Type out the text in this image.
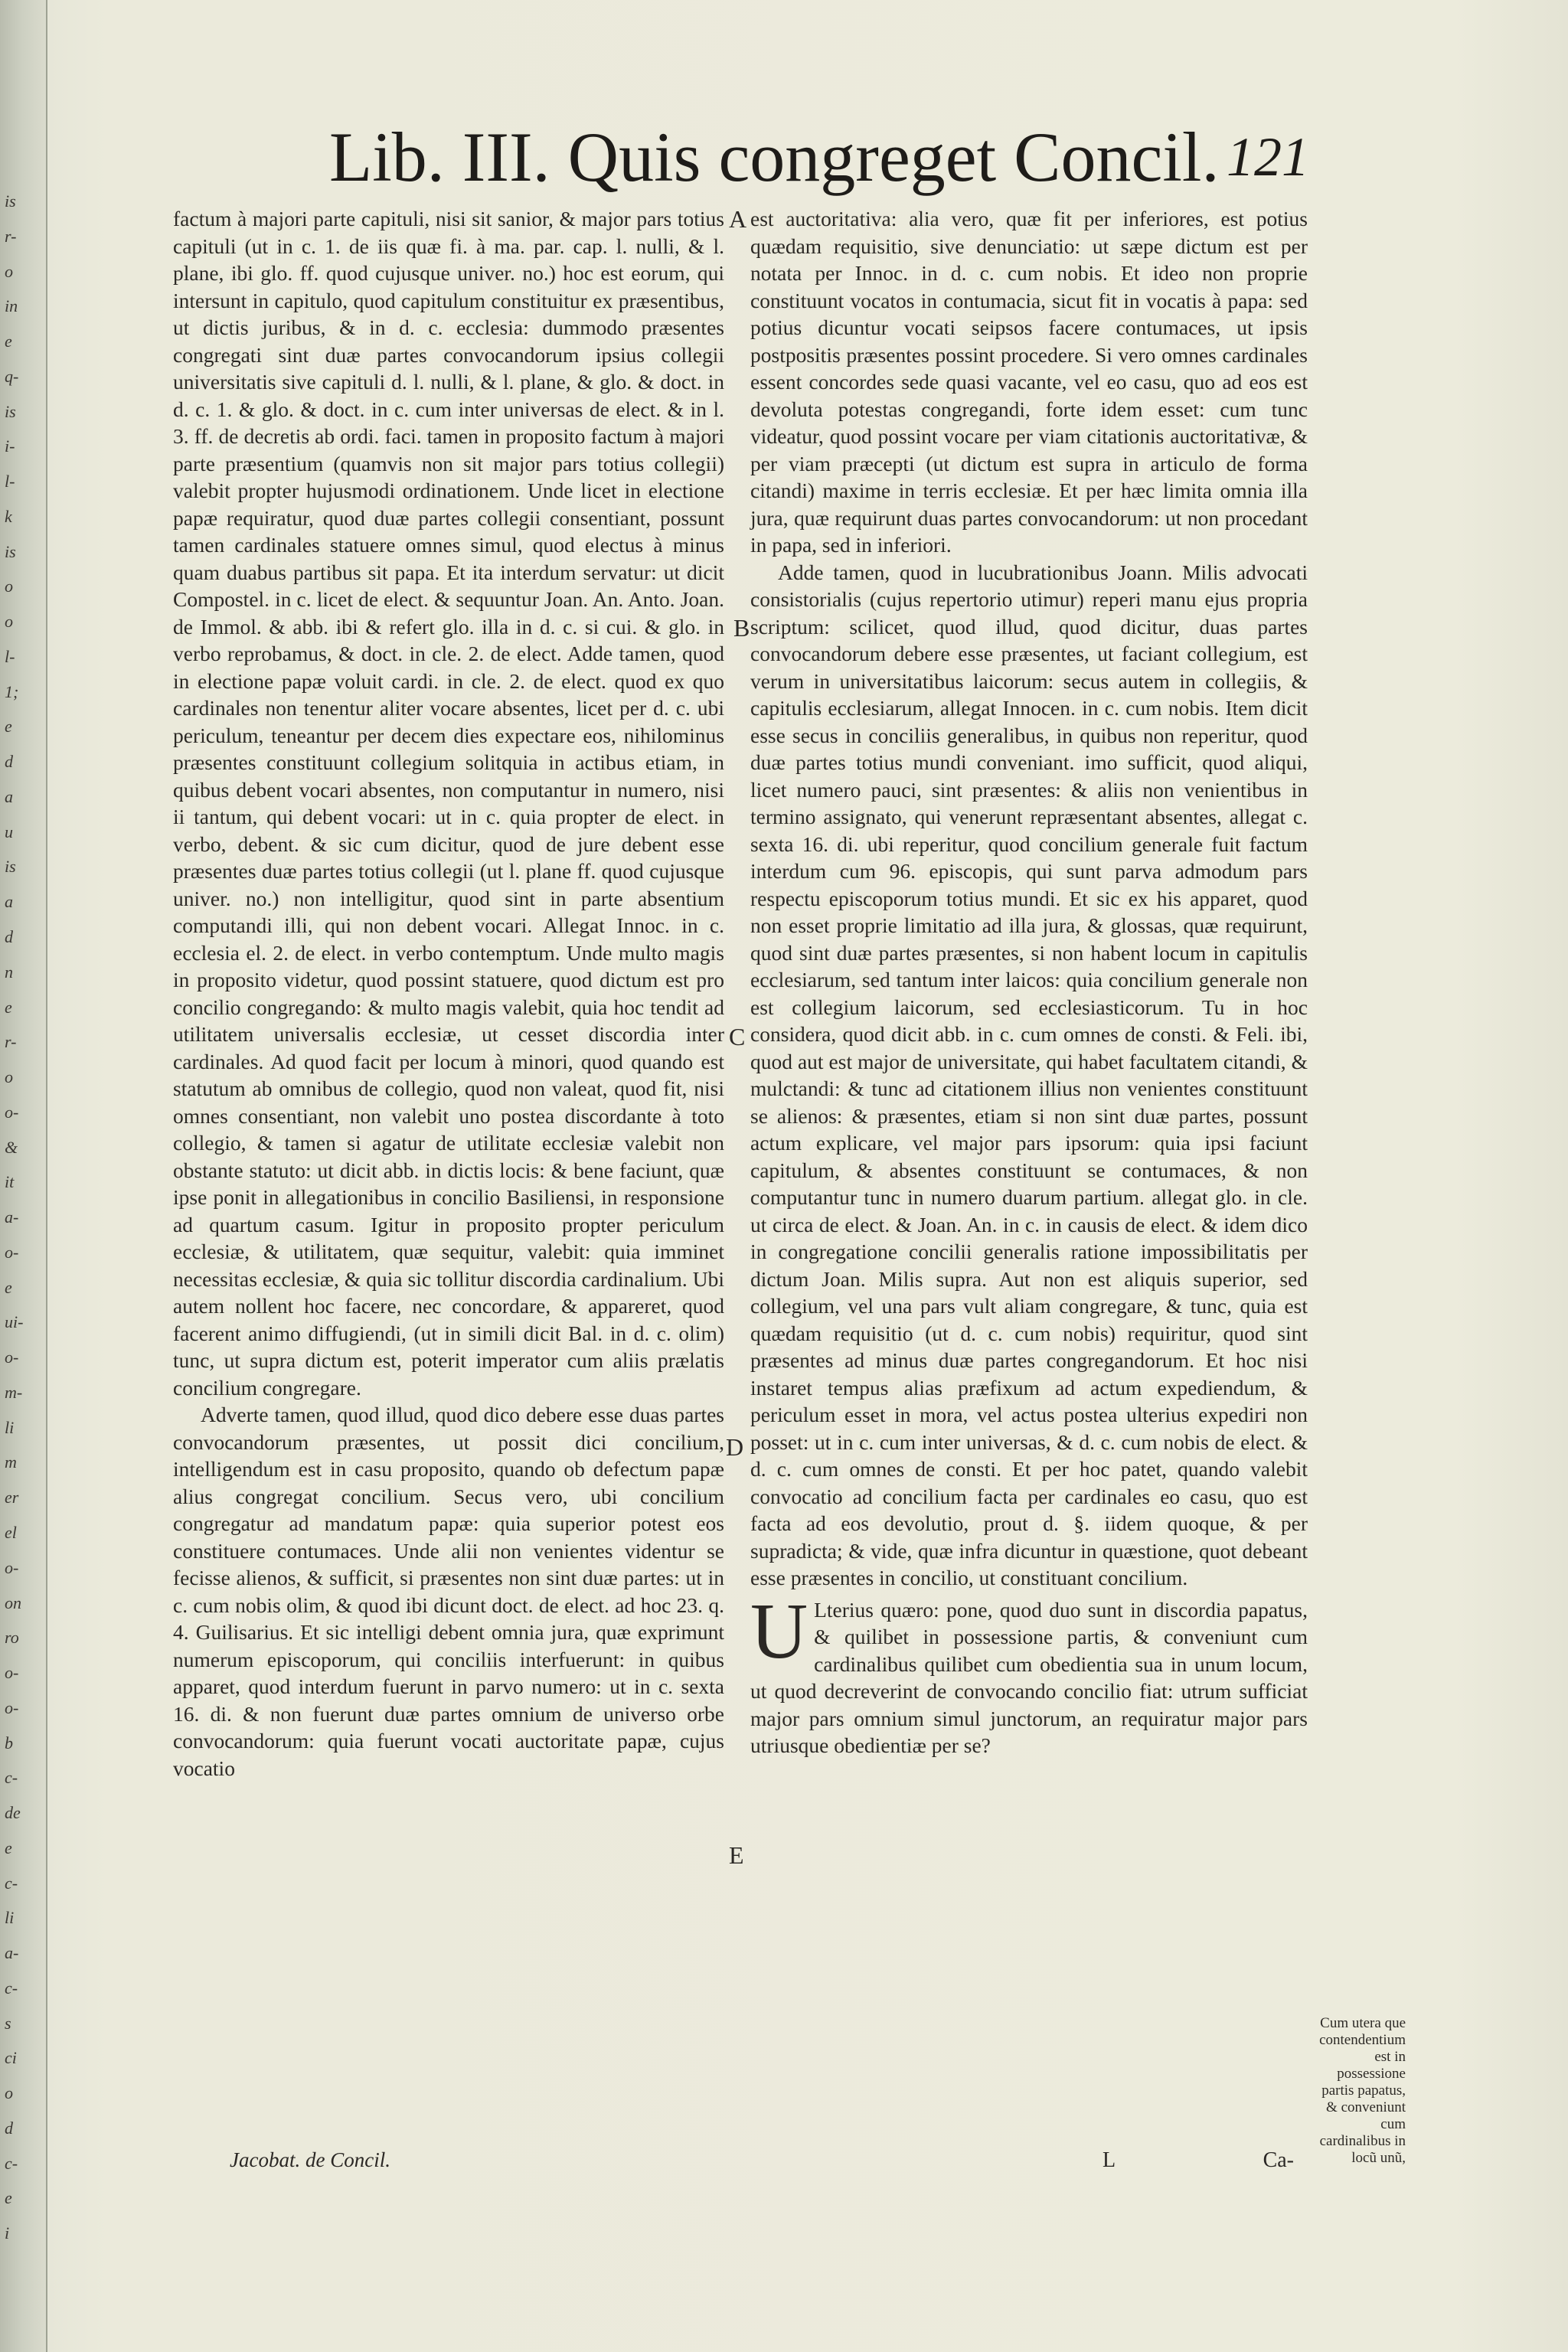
is
r-
o
in
e
q-
is
i-
l-
k
is
o
o
l-
1;
e
d
a
u
is
a
d
n
e
r-
o
o-
&
it
a-
o-
e
ui-
o-
m-
li
m
er
el
o-
on
ro
o-
o-
b
c-
de
e
c-
li
a-
c-
s
ci
o
d
c-
e
i
Lib. III. Quis congreget Concil. 121

factum à majori parte capituli, nisi sit sanior, & major pars totius capituli (ut in c. 1. de iis quæ fi. à ma. par. cap. l. nulli, & l. plane, ibi glo. ff. quod cujusque univer. no.) hoc est eorum, qui intersunt in capitulo, quod capitulum constituitur ex præsentibus, ut dictis juribus, & in d. c. ecclesia: dummodo præsentes congregati sint duæ partes convocandorum ipsius collegii universitatis sive capituli d. l. nulli, & l. plane, & glo. & doct. in d. c. 1. & glo. & doct. in c. cum inter universas de elect. & in l. 3. ff. de decretis ab ordi. faci. tamen in proposito factum à majori parte præsentium (quamvis non sit major pars totius collegii) valebit propter hujusmodi ordinationem. Unde licet in electione papæ requiratur, quod duæ partes collegii consentiant, possunt tamen cardinales statuere omnes simul, quod electus à minus quam duabus partibus sit papa. Et ita interdum servatur: ut dicit Compostel. in c. licet de elect. & sequuntur Joan. An. Anto. Joan. de Immol. & abb. ibi & refert glo. illa in d. c. si cui. & glo. in verbo reprobamus, & doct. in cle. 2. de elect. Adde tamen, quod in electione papæ voluit cardi. in cle. 2. de elect. quod ex quo cardinales non tenentur aliter vocare absentes, licet per d. c. ubi periculum, teneantur per decem dies expectare eos, nihilominus præsentes constituunt collegium solitquia in actibus etiam, in quibus debent vocari absentes, non computantur in numero, nisi ii tantum, qui debent vocari: ut in c. quia propter de elect. in verbo, debent. & sic cum dicitur, quod de jure debent esse præsentes duæ partes totius collegii (ut l. plane ff. quod cujusque univer. no.) non intelligitur, quod sint in parte absentium computandi illi, qui non debent vocari. Allegat Innoc. in c. ecclesia el. 2. de elect. in verbo contemptum. Unde multo magis in proposito videtur, quod possint statuere, quod dictum est pro concilio congregando: & multo magis valebit, quia hoc tendit ad utilitatem universalis ecclesiæ, ut cesset discordia inter cardinales. Ad quod facit per locum à minori, quod quando est statutum ab omnibus de collegio, quod non valeat, quod fit, nisi omnes consentiant, non valebit uno postea discordante à toto collegio, & tamen si agatur de utilitate ecclesiæ valebit non obstante statuto: ut dicit abb. in dictis locis: & bene faciunt, quæ ipse ponit in allegationibus in concilio Basiliensi, in responsione ad quartum casum. Igitur in proposito propter periculum ecclesiæ, & utilitatem, quæ sequitur, valebit: quia imminet necessitas ecclesiæ, & quia sic tollitur discordia cardinalium. Ubi autem nollent hoc facere, nec concordare, & appareret, quod facerent animo diffugiendi, (ut in simili dicit Bal. in d. c. olim) tunc, ut supra dictum est, poterit imperator cum aliis prælatis concilium congregare.

Adverte tamen, quod illud, quod dico debere esse duas partes convocandorum præsentes, ut possit dici concilium, intelligendum est in casu proposito, quando ob defectum papæ alius congregat concilium. Secus vero, ubi concilium congregatur ad mandatum papæ: quia superior potest eos constituere contumaces. Unde alii non venientes videntur se fecisse alienos, & sufficit, si præsentes non sint duæ partes: ut in c. cum nobis olim, & quod ibi dicunt doct. de elect. ad hoc 23. q. 4. Guilisarius. Et sic intelligi debent omnia jura, quæ exprimunt numerum episcoporum, qui conciliis interfuerunt: in quibus apparet, quod interdum fuerunt in parvo numero: ut in c. sexta 16. di. & non fuerunt duæ partes omnium de universo orbe convocandorum: quia fuerunt vocati auctoritate papæ, cujus vocatio

est auctoritativa: alia vero, quæ fit per inferiores, est potius quædam requisitio, sive denunciatio: ut sæpe dictum est per notata per Innoc. in d. c. cum nobis. Et ideo non proprie constituunt vocatos in contumacia, sicut fit in vocatis à papa: sed potius dicuntur vocati seipsos facere contumaces, ut ipsis postpositis præsentes possint procedere. Si vero omnes cardinales essent concordes sede quasi vacante, vel eo casu, quo ad eos est devoluta potestas congregandi, forte idem esset: cum tunc videatur, quod possint vocare per viam citationis auctoritativæ, & per viam præcepti (ut dictum est supra in articulo de forma citandi) maxime in terris ecclesiæ. Et per hæc limita omnia illa jura, quæ requirunt duas partes convocandorum: ut non procedant in papa, sed in inferiori.

Adde tamen, quod in lucubrationibus Joann. Milis advocati consistorialis (cujus repertorio utimur) reperi manu ejus propria scriptum: scilicet, quod illud, quod dicitur, duas partes convocandorum debere esse præsentes, ut faciant collegium, est verum in universitatibus laicorum: secus autem in collegiis, & capitulis ecclesiarum, allegat Innocen. in c. cum nobis. Item dicit esse secus in conciliis generalibus, in quibus non reperitur, quod duæ partes totius mundi conveniant. imo sufficit, quod aliqui, licet numero pauci, sint præsentes: & aliis non venientibus in termino assignato, qui venerunt repræsentant absentes, allegat c. sexta 16. di. ubi reperitur, quod concilium generale fuit factum interdum cum 96. episcopis, qui sunt parva admodum pars respectu episcoporum totius mundi. Et sic ex his apparet, quod non esset proprie limitatio ad illa jura, & glossas, quæ requirunt, quod sint duæ partes præsentes, si non habent locum in capitulis ecclesiarum, sed tantum inter laicos: quia concilium generale non est collegium laicorum, sed ecclesiasticorum. Tu in hoc considera, quod dicit abb. in c. cum omnes de consti. & Feli. ibi, quod aut est major de universitate, qui habet facultatem citandi, & mulctandi: & tunc ad citationem illius non venientes constituunt se alienos: & præsentes, etiam si non sint duæ partes, possunt actum explicare, vel major pars ipsorum: quia ipsi faciunt capitulum, & absentes constituunt se contumaces, & non computantur tunc in numero duarum partium. allegat glo. in cle. ut circa de elect. & Joan. An. in c. in causis de elect. & idem dico in congregatione concilii generalis ratione impossibilitatis per dictum Joan. Milis supra. Aut non est aliquis superior, sed collegium, vel una pars vult aliam congregare, & tunc, quia est quædam requisitio (ut d. c. cum nobis) requiritur, quod sint præsentes ad minus duæ partes congregandorum. Et hoc nisi instaret tempus alias præfixum ad actum expediendum, & periculum esset in mora, vel actus postea ulterius expediri non posset: ut in c. cum inter universas, & d. c. cum nobis de elect. & d. c. cum omnes de consti. Et per hoc patet, quando valebit convocatio ad concilium facta per cardinales eo casu, quo est facta ad eos devolutio, prout d. §. iidem quoque, & per supradicta; & vide, quæ infra dicuntur in quæstione, quot debeant esse præsentes in concilio, ut constituant concilium.

U Lterius quæro: pone, quod duo sunt in discordia papatus, & quilibet in possessione partis, & conveniunt cum cardinalibus quilibet cum obedientia sua in unum locum, ut quod decreverint de convocando concilio fiat: utrum sufficiat major pars omnium simul junctorum, an requiratur major pars utriusque obedientiæ per se?

A
B
C
D
E
Jacobat. de Concil.
Cum utera que contendentium est in possessione partis papatus, & conveniunt cum cardinalibus in locũ unũ,
L	Ca-
